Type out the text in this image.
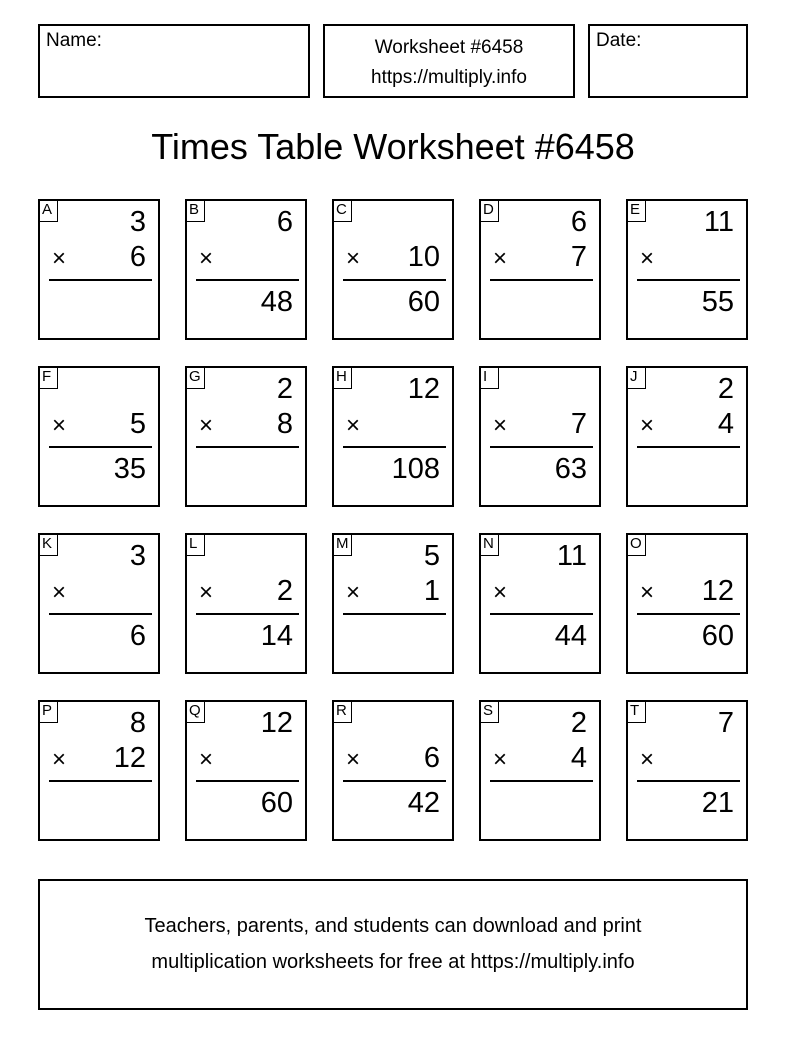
Name:	Worksheet #6458
https://multiply.info
Date:
Times Table Worksheet #6458
A	3
× 6
B	6
×
48
C
× 10
60
D	6
× 7
E 11
×
55
F
× 5
35
G	2
× 8
H 12
×
108
I
× 7
63
J	2
× 4
K	3
×
6
L
× 2
14
M	5
× 1
N 11
×
44
O
× 12
60
P	8
× 12
Q 12
×
60
R
× 6
42
S	2
× 4
T	7
×
21
Teachers, parents, and students can download and print
multiplication worksheets for free at https://multiply.info
